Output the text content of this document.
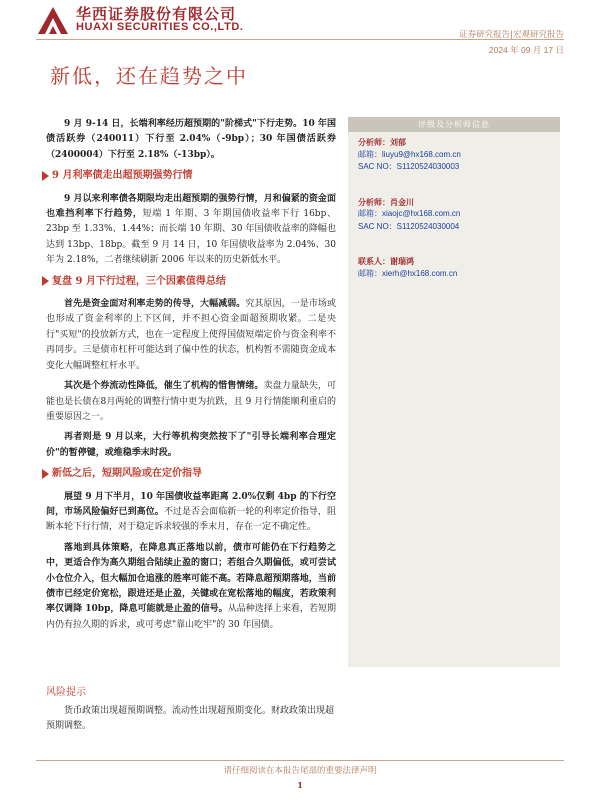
华西证券股份有限公司
HUAXI SECURITIES CO.,LTD.
证券研究报告|宏观研究报告
2024 年 09 月 17 日
新低，还在趋势之中

9 月 9-14 日，长端利率经历超预期的"阶梯式"下行走势。10 年国债活跃券（240011）下行至 2.04%（-9bp）；30 年国债活跃券（2400004）下行至 2.18%（-13bp）。

9 月利率债走出超预期强势行情

9 月以来利率债各期限均走出超预期的强势行情，月和偏紧的资金面也难挡利率下行趋势，短端 1 年期、3 年期国债收益率下行 16bp、23bp 至 1.33%、1.44%；而长端 10 年期、30 年国债收益率的降幅也达到 13bp、18bp。截至 9 月 14 日，10 年国债收益率为 2.04%、30 年为 2.18%，二者继续刷新 2006 年以来的历史新低水平。

复盘 9 月下行过程，三个因素值得总结

首先是资金面对利率走势的传导，大幅减弱。究其原因，一是市场或也形成了资金利率的上下区间，并不担心资金面超预期收紧。二是央行"买短"的投放新方式，也在一定程度上使得国债短端定价与资金利率不再同步。三是债市杠杆可能达到了偏中性的状态，机构暂不需随资金成本变化大幅调整杠杆水平。

其次是个券流动性降低，催生了机构的惜售情绪。卖盘力量缺失，可能也是长债在8月两轮的调整行情中更为抗跌，且 9 月行情能顺利重启的重要原因之一。

再者则是 9 月以来，大行等机构突然按下了"引导长端利率合理定价"的暂停键，或维稳季末时段。

新低之后，短期风险或在定价指导

展望 9 月下半月，10 年国债收益率距离 2.0%仅剩 4bp 的下行空间，市场风险偏好已到高位。不过是否会面临新一轮的利率定价指导，阻断本轮下行行情，对于稳定诉求较强的季末月，存在一定不确定性。

落地到具体策略，在降息真正落地以前，债市可能仍在下行趋势之中，更适合作为高久期组合陆续止盈的窗口；若组合久期偏低，或可尝试小仓位介入，但大幅加仓追涨的胜率可能不高。若降息超预期落地，当前债市已经定价宽松，跟进还是止盈，关键或在宽松落地的幅度，若政策利率仅调降 10bp，降息可能就是止盈的信号。从品种选择上来看，若短期内仍有拉久期的诉求，或可考虑"靠山吃牢"的 30 年国债。

风险提示

货币政策出现超预期调整。流动性出现超预期变化。财政政策出现超预期调整。

评级及分析师信息
分析师：刘郁
邮箱：liuyu9@hx168.com.cn
SAC NO：S1120524030003
分析师：肖金川
邮箱：xiaojc@hx168.com.cn
SAC NO：S1120524030004
联系人：谢瑞鸿
邮箱：xierh@hx168.com.cn
请仔细阅读在本报告尾部的重要法律声明
1
